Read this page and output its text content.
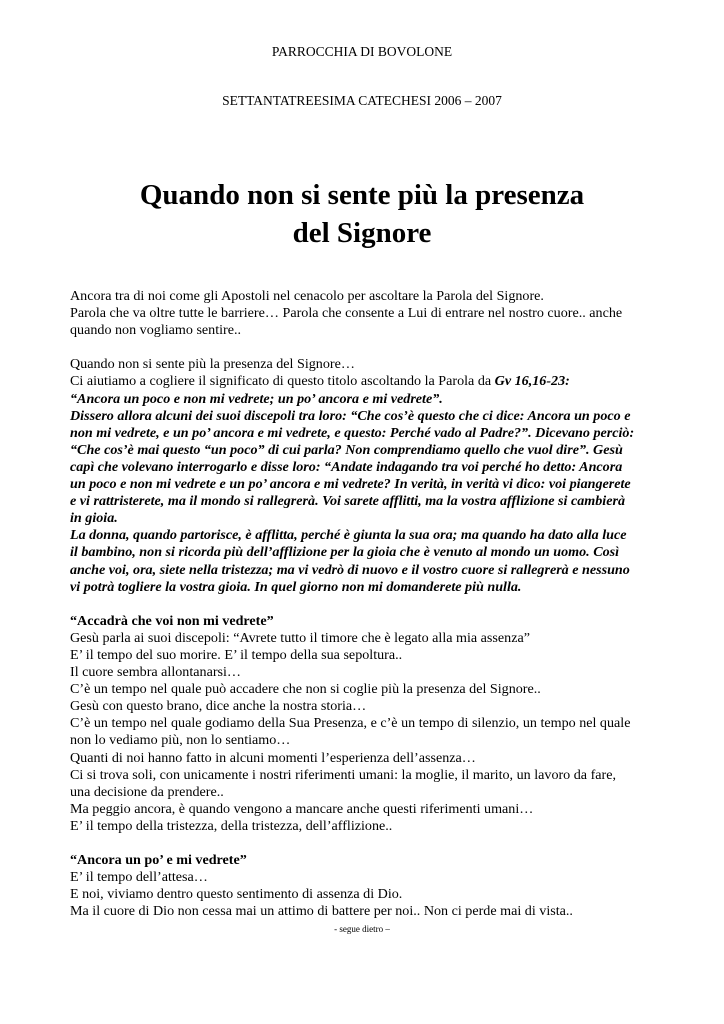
PARROCCHIA DI BOVOLONE
SETTANTATREESIMA CATECHESI 2006 – 2007
Quando non si sente più la presenza
del Signore
Ancora tra di noi come gli Apostoli nel cenacolo per ascoltare la Parola del Signore.
Parola che va oltre tutte le barriere… Parola che consente a Lui di entrare nel nostro cuore.. anche
quando non vogliamo sentire..
Quando non si sente più la presenza del Signore…
Ci aiutiamo a cogliere il significato di questo titolo ascoltando la Parola da Gv 16,16-23:
“Ancora un poco e non mi vedrete; un po’ ancora e mi vedrete”.
Dissero allora alcuni dei suoi discepoli tra loro: “Che cos’è questo che ci dice: Ancora un poco e
non mi vedrete, e un po’ ancora e mi vedrete, e questo: Perché vado al Padre?”. Dicevano perciò:
“Che cos’è mai questo “un poco” di cui parla? Non comprendiamo quello che vuol dire”. Gesù
capì che volevano interrogarlo e disse loro: “Andate indagando tra voi perché ho detto: Ancora
un poco e non mi vedrete e un po’ ancora e mi vedrete? In verità, in verità vi dico: voi piangerete
e vi rattristerete, ma il mondo si rallegrerà. Voi sarete afflitti, ma la vostra afflizione si cambierà
in gioia.
La donna, quando partorisce, è afflitta, perché è giunta la sua ora; ma quando ha dato alla luce
il bambino, non si ricorda più dell’afflizione per la gioia che è venuto al mondo un uomo. Così
anche voi, ora, siete nella tristezza; ma vi vedrò di nuovo e il vostro cuore si rallegrerà e nessuno
vi potrà togliere la vostra gioia. In quel giorno non mi domanderete più nulla.
“Accadrà che voi non mi vedrete”
Gesù parla ai suoi discepoli: “Avrete tutto il timore che è legato alla mia assenza”
E’ il tempo del suo morire. E’ il tempo della sua sepoltura..
Il cuore sembra allontanarsi…
C’è un tempo nel quale può accadere che non si coglie più la presenza del Signore..
Gesù con questo brano, dice anche la nostra storia…
C’è un tempo nel quale godiamo della Sua Presenza, e c’è un tempo di silenzio, un tempo nel quale
non lo vediamo più, non lo sentiamo…
Quanti di noi hanno fatto in alcuni momenti l’esperienza dell’assenza…
Ci si trova soli, con unicamente i nostri riferimenti umani: la moglie, il marito, un lavoro da fare,
una decisione da prendere..
Ma peggio ancora, è quando vengono a mancare anche questi riferimenti umani…
E’ il tempo della tristezza, della tristezza, dell’afflizione..
“Ancora un po’ e mi vedrete”
E’ il tempo dell’attesa…
E noi, viviamo dentro questo sentimento di assenza di Dio.
Ma il cuore di Dio non cessa mai un attimo di battere per noi.. Non ci perde mai di vista..
- segue dietro –
